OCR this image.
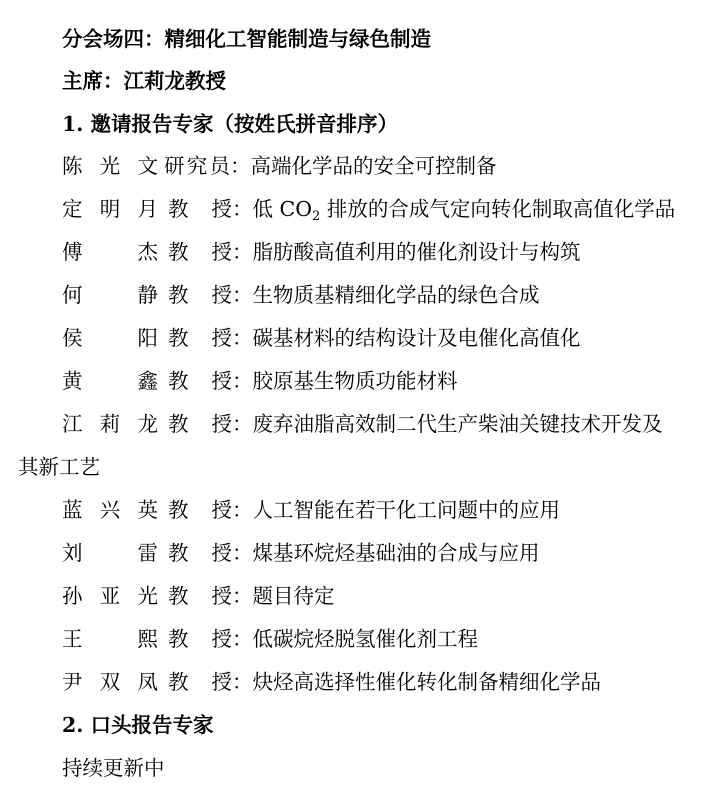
分会场四：精细化工智能制造与绿色制造
主席：江莉龙教授
1. 邀请报告专家（按姓氏拼音排序）
陈光文 研究员：高端化学品的安全可控制备
定明月 教授：低 $CO_2$ 排放的合成气定向转化制取高值化学品
傅杰 教授：脂肪酸高值利用的催化剂设计与构筑
何静 教授：生物质基精细化学品的绿色合成
侯阳 教授：碳基材料的结构设计及电催化高值化
黄鑫 教授：胶原基生物质功能材料
江莉龙 教授：废弃油脂高效制二代生产柴油关键技术开发及
其新工艺
蓝兴英 教授：人工智能在若干化工问题中的应用
刘雷 教授：煤基环烷烃基础油的合成与应用
孙亚光 教授：题目待定
王熙 教授：低碳烷烃脱氢催化剂工程
尹双凤 教授：炔烃高选择性催化转化制备精细化学品
2. 口头报告专家
持续更新中
